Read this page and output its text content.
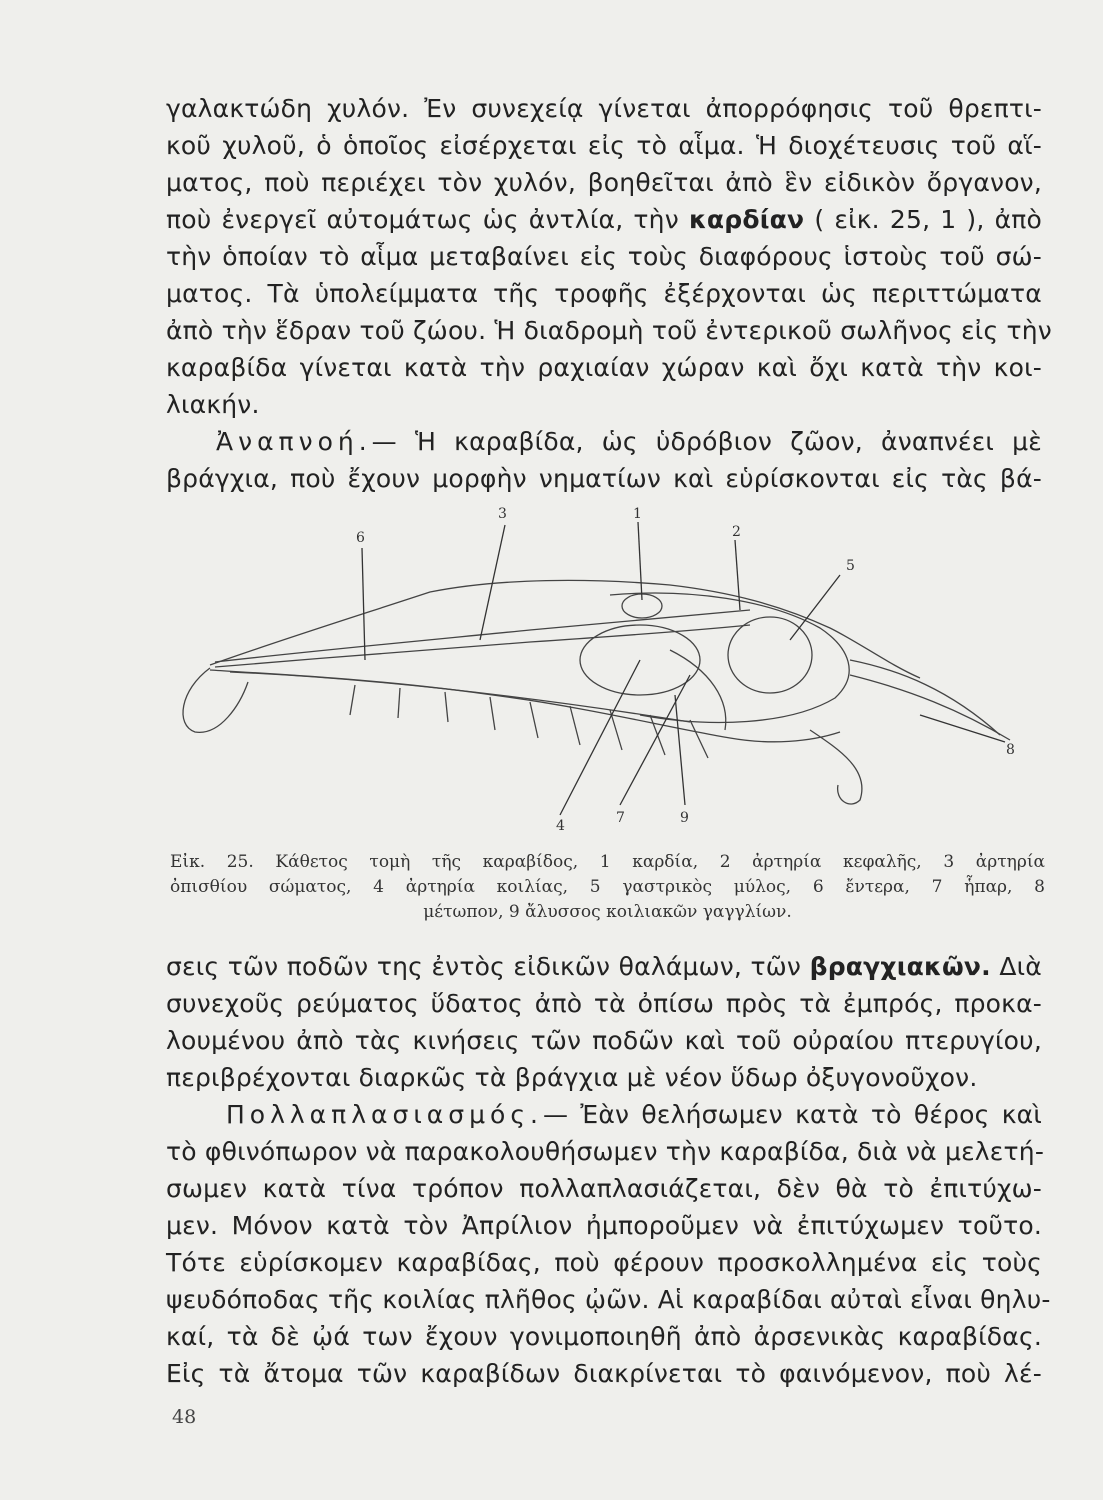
γαλακτώδη χυλόν. Ἐν συνεχείᾳ γίνεται ἀπορρόφησις τοῦ θρεπτι-
κοῦ χυλοῦ, ὁ ὁποῖος εἰσέρχεται εἰς τὸ αἷμα. Ἡ διοχέτευσις τοῦ αἵ-
ματος, ποὺ περιέχει τὸν χυλόν, βοηθεῖται ἀπὸ ἓν εἰδικὸν ὄργανον,
ποὺ ἐνεργεῖ αὐτομάτως ὡς ἀντλία, τὴν καρδίαν ( εἰκ. 25, 1 ), ἀπὸ
τὴν ὁποίαν τὸ αἷμα μεταβαίνει εἰς τοὺς διαφόρους ἱστοὺς τοῦ σώ-
ματος. Τὰ ὑπολείμματα τῆς τροφῆς ἐξέρχονται ὡς περιττώματα
ἀπὸ τὴν ἕδραν τοῦ ζώου. Ἡ διαδρομὴ τοῦ ἐντερικοῦ σωλῆνος εἰς τὴν
καραβίδα γίνεται κατὰ τὴν ραχιαίαν χώραν καὶ ὄχι κατὰ τὴν κοι-
λιακήν.
Ἀναπνοή.— Ἡ καραβίδα, ὡς ὑδρόβιον ζῶον, ἀναπνέει μὲ
βράγχια, ποὺ ἔχουν μορφὴν νηματίων καὶ εὑρίσκονται εἰς τὰς βά-
1
2
3
4
5
6
7
8
9
Εἰκ. 25. Κάθετος τομὴ τῆς καραβίδος, 1 καρδία, 2 ἀρτηρία κεφαλῆς, 3 ἀρτηρία
ὀπισθίου σώματος, 4 ἀρτηρία κοιλίας, 5 γαστρικὸς μύλος, 6 ἔντερα, 7 ἧπαρ, 8
μέτωπον, 9 ἄλυσσος κοιλιακῶν γαγγλίων.
σεις τῶν ποδῶν της ἐντὸς εἰδικῶν θαλάμων, τῶν βραγχιακῶν. Διὰ
συνεχοῦς ρεύματος ὕδατος ἀπὸ τὰ ὀπίσω πρὸς τὰ ἐμπρός, προκα-
λουμένου ἀπὸ τὰς κινήσεις τῶν ποδῶν καὶ τοῦ οὐραίου πτερυγίου,
περιβρέχονται διαρκῶς τὰ βράγχια μὲ νέον ὕδωρ ὀξυγονοῦχον.
Πολλαπλασιασμός.— Ἐὰν θελήσωμεν κατὰ τὸ θέρος καὶ
τὸ φθινόπωρον νὰ παρακολουθήσωμεν τὴν καραβίδα, διὰ νὰ μελετή-
σωμεν κατὰ τίνα τρόπον πολλαπλασιάζεται, δὲν θὰ τὸ ἐπιτύχω-
μεν. Μόνον κατὰ τὸν Ἀπρίλιον ἠμποροῦμεν νὰ ἐπιτύχωμεν τοῦτο.
Τότε εὑρίσκομεν καραβίδας, ποὺ φέρουν προσκολλημένα εἰς τοὺς
ψευδόποδας τῆς κοιλίας πλῆθος ᾠῶν. Αἱ καραβίδαι αὐταὶ εἶναι θηλυ-
καί, τὰ δὲ ᾠά των ἔχουν γονιμοποιηθῆ ἀπὸ ἀρσενικὰς καραβίδας.
Εἰς τὰ ἄτομα τῶν καραβίδων διακρίνεται τὸ φαινόμενον, ποὺ λέ-
48
